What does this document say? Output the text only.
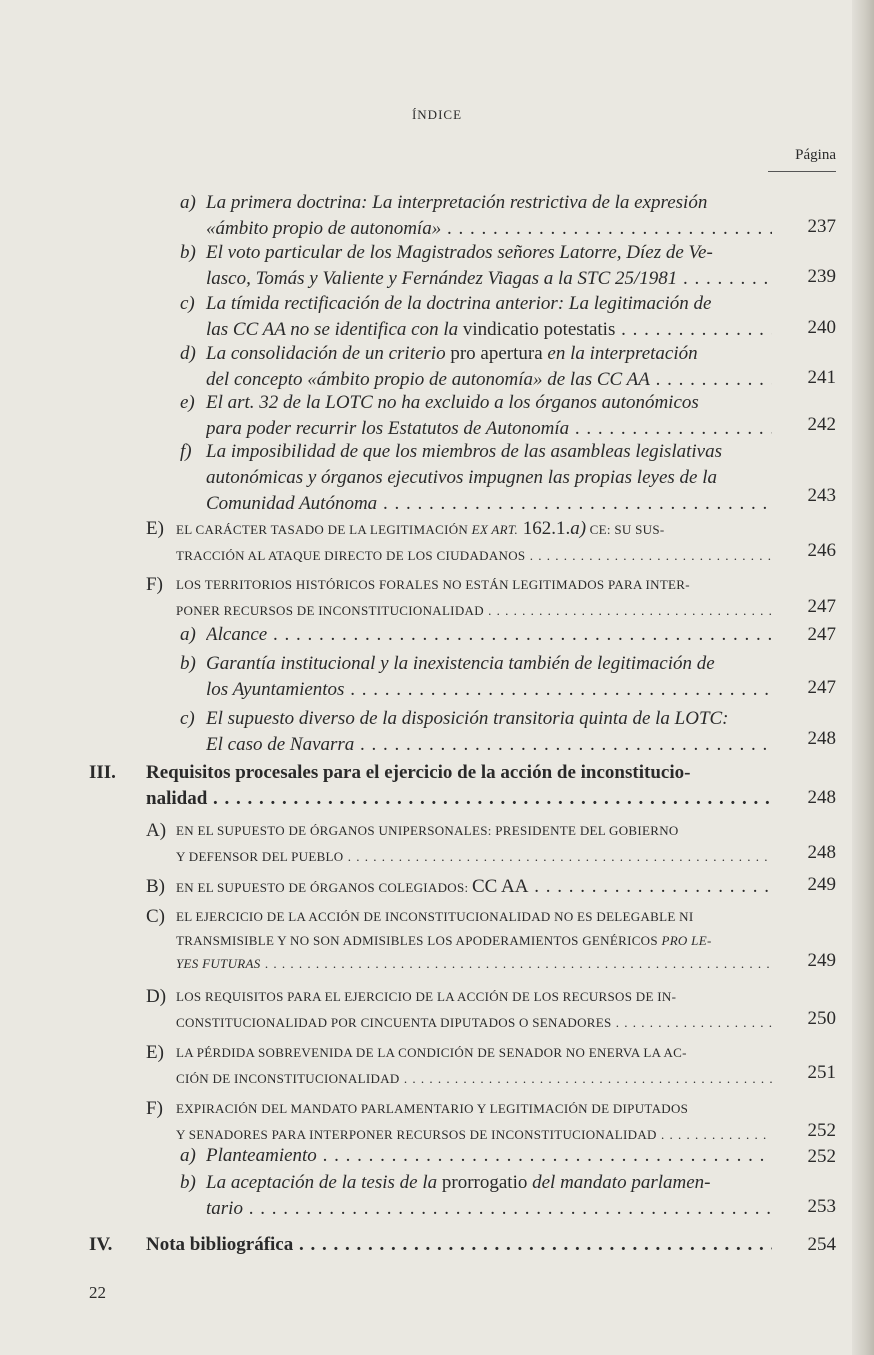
ÍNDICE
Página
a) La primera doctrina: La interpretación restrictiva de la expresión
«ámbito propio de autonomía» . . .	237
b) El voto particular de los Magistrados señores Latorre, Díez de Ve-
lasco, Tomás y Valiente y Fernández Viagas a la STC 25/1981 . . .	239
c) La tímida rectificación de la doctrina anterior: La legitimación de
las CC AA no se identifica con la vindicatio potestatis . . .	240
d) La consolidación de un criterio pro apertura en la interpretación
del concepto «ámbito propio de autonomía» de las CC AA . . .	241
e) El art. 32 de la LOTC no ha excluido a los órganos autonómicos
para poder recurrir los Estatutos de Autonomía . . .	242
f) La imposibilidad de que los miembros de las asambleas legislativas
autonómicas y órganos ejecutivos impugnen las propias leyes de la
Comunidad Autónoma . . .	243
E) EL CARÁCTER TASADO DE LA LEGITIMACIÓN EX ART. 162.1.a) CE: SU SUS-
TRACCIÓN AL ATAQUE DIRECTO DE LOS CIUDADANOS . . .	246
F) LOS TERRITORIOS HISTÓRICOS FORALES NO ESTÁN LEGITIMADOS PARA INTER-
PONER RECURSOS DE INCONSTITUCIONALIDAD . . .	247
a) Alcance . . .	247
b) Garantía institucional y la inexistencia también de legitimación de
los Ayuntamientos . . .	247
c) El supuesto diverso de la disposición transitoria quinta de la LOTC:
El caso de Navarra . . .	248
III. Requisitos procesales para el ejercicio de la acción de inconstitucio-
nalidad . . .	248
A) EN EL SUPUESTO DE ÓRGANOS UNIPERSONALES: PRESIDENTE DEL GOBIERNO
Y DEFENSOR DEL PUEBLO . . .	248
B) EN EL SUPUESTO DE ÓRGANOS COLEGIADOS: CC AA . . .	249
C) EL EJERCICIO DE LA ACCIÓN DE INCONSTITUCIONALIDAD NO ES DELEGABLE NI
TRANSMISIBLE Y NO SON ADMISIBLES LOS APODERAMIENTOS GENÉRICOS PRO LE-
YES FUTURAS . . .	249
D) LOS REQUISITOS PARA EL EJERCICIO DE LA ACCIÓN DE LOS RECURSOS DE IN-
CONSTITUCIONALIDAD POR CINCUENTA DIPUTADOS O SENADORES . . .	250
E) LA PÉRDIDA SOBREVENIDA DE LA CONDICIÓN DE SENADOR NO ENERVA LA AC-
CIÓN DE INCONSTITUCIONALIDAD . . .	251
F) EXPIRACIÓN DEL MANDATO PARLAMENTARIO Y LEGITIMACIÓN DE DIPUTADOS
Y SENADORES PARA INTERPONER RECURSOS DE INCONSTITUCIONALIDAD . . .	252
a) Planteamiento . . .	252
b) La aceptación de la tesis de la prorrogatio del mandato parlamen-
tario . . .	253
IV. Nota bibliográfica . . .	254
22
